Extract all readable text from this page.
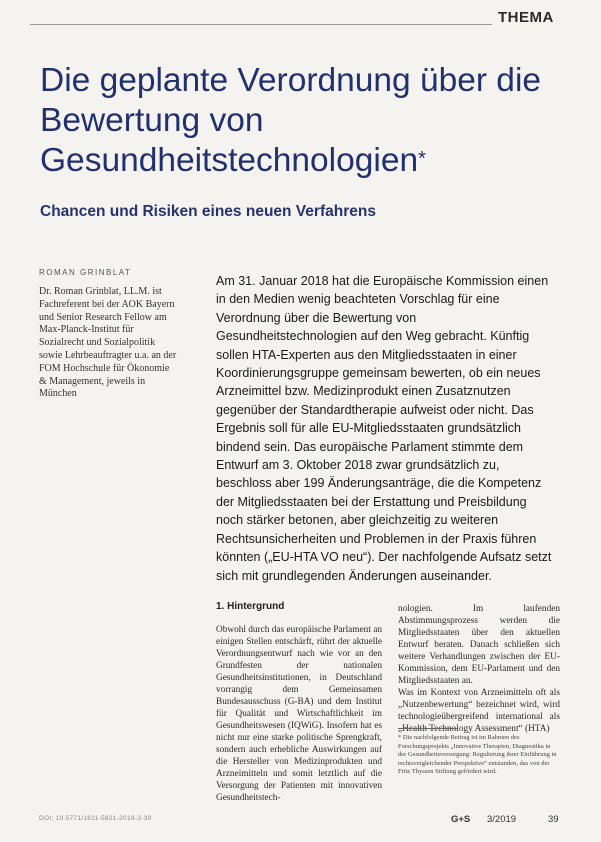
THEMA
Die geplante Verordnung über die Bewertung von Gesundheitstechnologien*
Chancen und Risiken eines neuen Verfahrens
ROMAN GRINBLAT

Dr. Roman Grinblat, LL.M. ist Fachreferent bei der AOK Bayern und Senior Research Fellow am Max-Planck-Institut für Sozialrecht und Sozialpolitik sowie Lehrbeauftragter u.a. an der FOM Hochschule für Ökonomie & Management, jeweils in München

Am 31. Januar 2018 hat die Europäische Kommission einen in den Medien wenig beachteten Vorschlag für eine Verordnung über die Bewertung von Gesundheitstechnologien auf den Weg gebracht. Künftig sollen HTA-Experten aus den Mitgliedsstaaten in einer Koordinierungsgruppe gemeinsam bewerten, ob ein neues Arzneimittel bzw. Medizinprodukt einen Zusatznutzen gegenüber der Standardtherapie aufweist oder nicht. Das Ergebnis soll für alle EU-Mitgliedsstaaten grundsätzlich bindend sein. Das europäische Parlament stimmte dem Entwurf am 3. Oktober 2018 zwar grundsätzlich zu, beschloss aber 199 Änderungsanträge, die die Kompetenz der Mitgliedsstaaten bei der Erstattung und Preisbildung noch stärker betonen, aber gleichzeitig zu weiteren Rechtsunsicherheiten und Problemen in der Praxis führen könnten („EU-HTA VO neu“). Der nachfolgende Aufsatz setzt sich mit grundlegenden Änderungen auseinander.

1. Hintergrund

Obwohl durch das europäische Parlament an einigen Stellen entschärft, rührt der aktuelle Verordnungsentwurf nach wie vor an den Grundfesten der nationalen Gesundheitsinstitutionen, in Deutschland vorrangig dem Gemeinsamen Bundesausschuss (G-BA) und dem Institut für Qualität und Wirtschaftlichkeit im Gesundheitswesen (IQWiG). Insofern hat es nicht nur eine starke politische Sprengkraft, sondern auch erhebliche Auswirkungen auf die Hersteller von Medizinprodukten und Arzneimitteln und somit letztlich auf die Versorgung der Patienten mit innovativen Gesundheitstech-

nologien. Im laufenden Abstimmungsprozess werden die Mitgliedsstaaten über den aktuellen Entwurf beraten. Danach schließen sich weitere Verhandlungen zwischen der EU-Kommission, dem EU-Parlament und den Mitgliedsstaaten an.
Was im Kontext von Arzneimitteln oft als „Nutzenbewertung“ bezeichnet wird, wird technologieübergreifend international als „Health Technology Assessment“ (HTA)

* Die nachfolgende Beitrag ist im Rahmen des Forschungsprojekts „Innovative Therapien, Diagnostika in der Gesundheitsversorgung: Regulierung ihrer Einführung in rechtsvergleichender Perspektive“ entstanden, das von der Fritz Thyssen Stiftung gefördert wird.

DOI: 10.5771/1611-5821-2019-3-39	G+S 3/2019	39
